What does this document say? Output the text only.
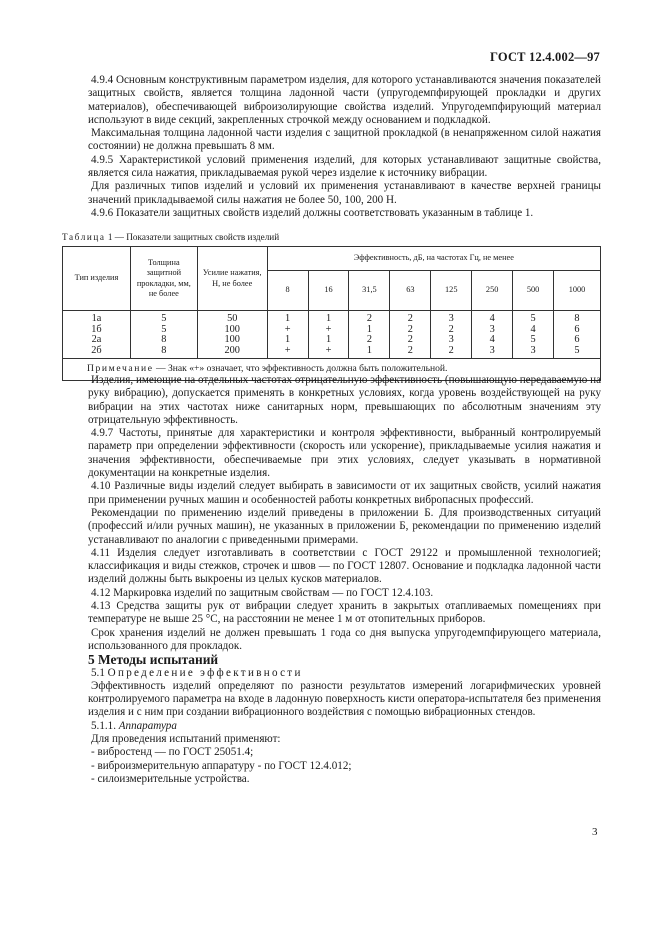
ГОСТ 12.4.002—97

4.9.4 Основным конструктивным параметром изделия, для которого устанавливаются значения показателей защитных свойств, является толщина ладонной части (упругодемпфирующей прокладки и других материалов), обеспечивающей виброизолирующие свойства изделий. Упругодемпфирующий материал используют в виде секций, закрепленных строчкой между основанием и подкладкой.

Максимальная толщина ладонной части изделия с защитной прокладкой (в ненапряженном силой нажатия состоянии) не должна превышать 8 мм.

4.9.5 Характеристикой условий применения изделий, для которых устанавливают защитные свойства, является сила нажатия, прикладываемая рукой через изделие к источнику вибрации.

Для различных типов изделий и условий их применения устанавливают в качестве верхней границы значений прикладываемой силы нажатия не более 50, 100, 200 Н.

4.9.6 Показатели защитных свойств изделий должны соответствовать указанным в таблице 1.

Таблица 1 — Показатели защитных свойств изделий
Тип изделия	Толщина защитной прокладки, мм, не более	Усилие нажатия, Н, не более	Эффективность, дБ, на частотах Гц, не менее							
			8	16	31,5	63	125	250	500	1000
1а	5	50	1	1	2	2	3	4	5	8
1б	5	100	+	+	1	2	2	3	4	6
2а	8	100	1	1	2	2	3	4	5	6
2б	8	200	+	+	1	2	2	3	3	5
Примечание — Знак «+» означает, что эффективность должна быть положительной.										

Изделия, имеющие на отдельных частотах отрицательную эффективность (повышающую передаваемую на руку вибрацию), допускается применять в конкретных условиях, когда уровень воздействующей на руку вибрации на этих частотах ниже санитарных норм, превышающих по абсолютным значениям эту отрицательную эффективность.

4.9.7 Частоты, принятые для характеристики и контроля эффективности, выбранный контролируемый параметр при определении эффективности (скорость или ускорение), прикладываемые усилия нажатия и значения эффективности, обеспечиваемые при этих условиях, следует указывать в нормативной документации на конкретные изделия.

4.10 Различные виды изделий следует выбирать в зависимости от их защитных свойств, усилий нажатия при применении ручных машин и особенностей работы конкретных вибропасных профессий.

Рекомендации по применению изделий приведены в приложении Б. Для производственных ситуаций (профессий и/или ручных машин), не указанных в приложении Б, рекомендации по применению изделий устанавливают по аналогии с приведенными примерами.

4.11 Изделия следует изготавливать в соответствии с ГОСТ 29122 и промышленной технологией; классификация и виды стежков, строчек и швов — по ГОСТ 12807. Основание и подкладка ладонной части изделий должны быть выкроены из целых кусков материалов.

4.12 Маркировка изделий по защитным свойствам — по ГОСТ 12.4.103.

4.13 Средства защиты рук от вибрации следует хранить в закрытых отапливаемых помещениях при температуре не выше 25 °С, на расстоянии не менее 1 м от отопительных приборов.

Срок хранения изделий не должен превышать 1 года со дня выпуска упругодемпфирующего материала, использованного для прокладок.

5 Методы испытаний

5.1 Определение эффективности

Эффективность изделий определяют по разности результатов измерений логарифмических уровней контролируемого параметра на входе в ладонную поверхность кисти оператора-испытателя без применения изделия и с ним при создании вибрационного воздействия с помощью вибрационных стендов.

5.1.1. Аппаратура

Для проведения испытаний применяют:

- вибростенд — по ГОСТ 25051.4;

- виброизмерительную аппаратуру - по ГОСТ 12.4.012;

- силоизмерительные устройства.

3
